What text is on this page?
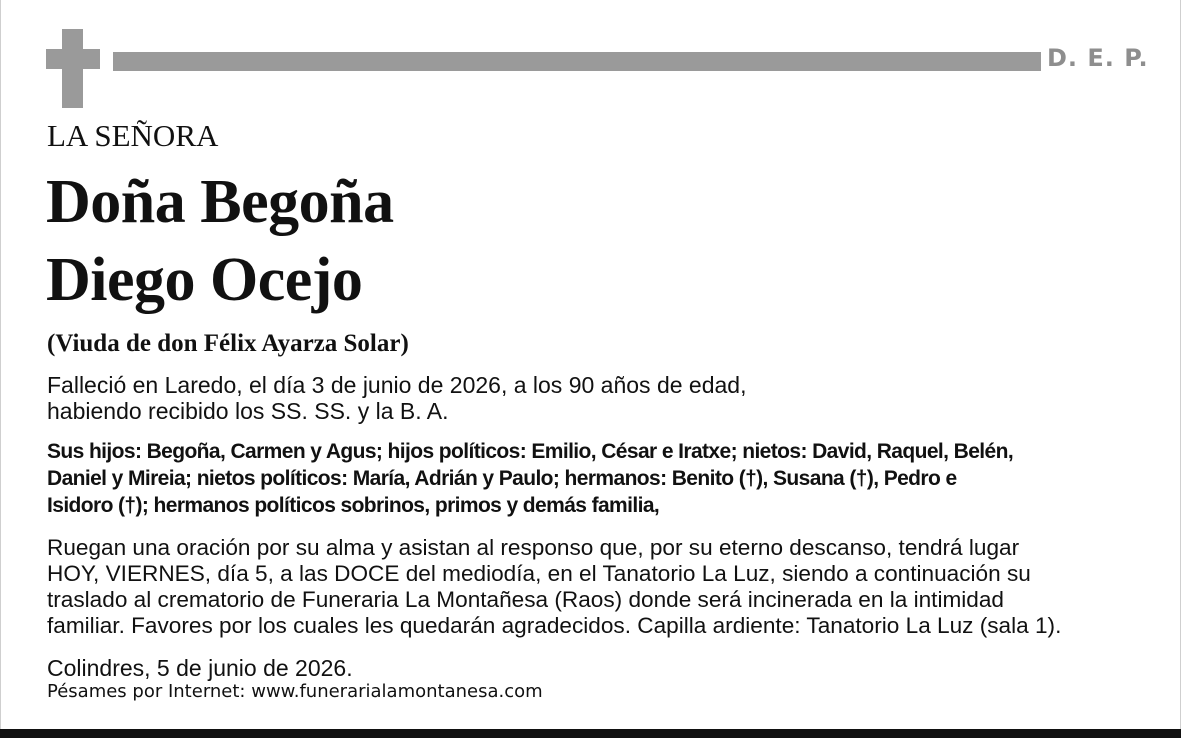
D. E. P.
LA SEÑORA
Doña Begoña
Diego Ocejo
(Viuda de don Félix Ayarza Solar)
Falleció en Laredo, el día 3 de junio de 2026, a los 90 años de edad,
habiendo recibido los SS. SS. y la B. A.
Sus hijos: Begoña, Carmen y Agus; hijos políticos: Emilio, César e Iratxe; nietos: David, Raquel, Belén,
Daniel y Mireia; nietos políticos: María, Adrián y Paulo; hermanos: Benito (†), Susana (†), Pedro e
Isidoro (†); hermanos políticos sobrinos, primos y demás familia,
Ruegan una oración por su alma y asistan al responso que, por su eterno descanso, tendrá lugar
HOY, VIERNES, día 5, a las DOCE del mediodía, en el Tanatorio La Luz, siendo a continuación su
traslado al crematorio de Funeraria La Montañesa (Raos) donde será incinerada en la intimidad
familiar. Favores por los cuales les quedarán agradecidos. Capilla ardiente: Tanatorio La Luz (sala 1).
Colindres, 5 de junio de 2026.
Pésames por Internet: www.funerarialamontanesa.com
